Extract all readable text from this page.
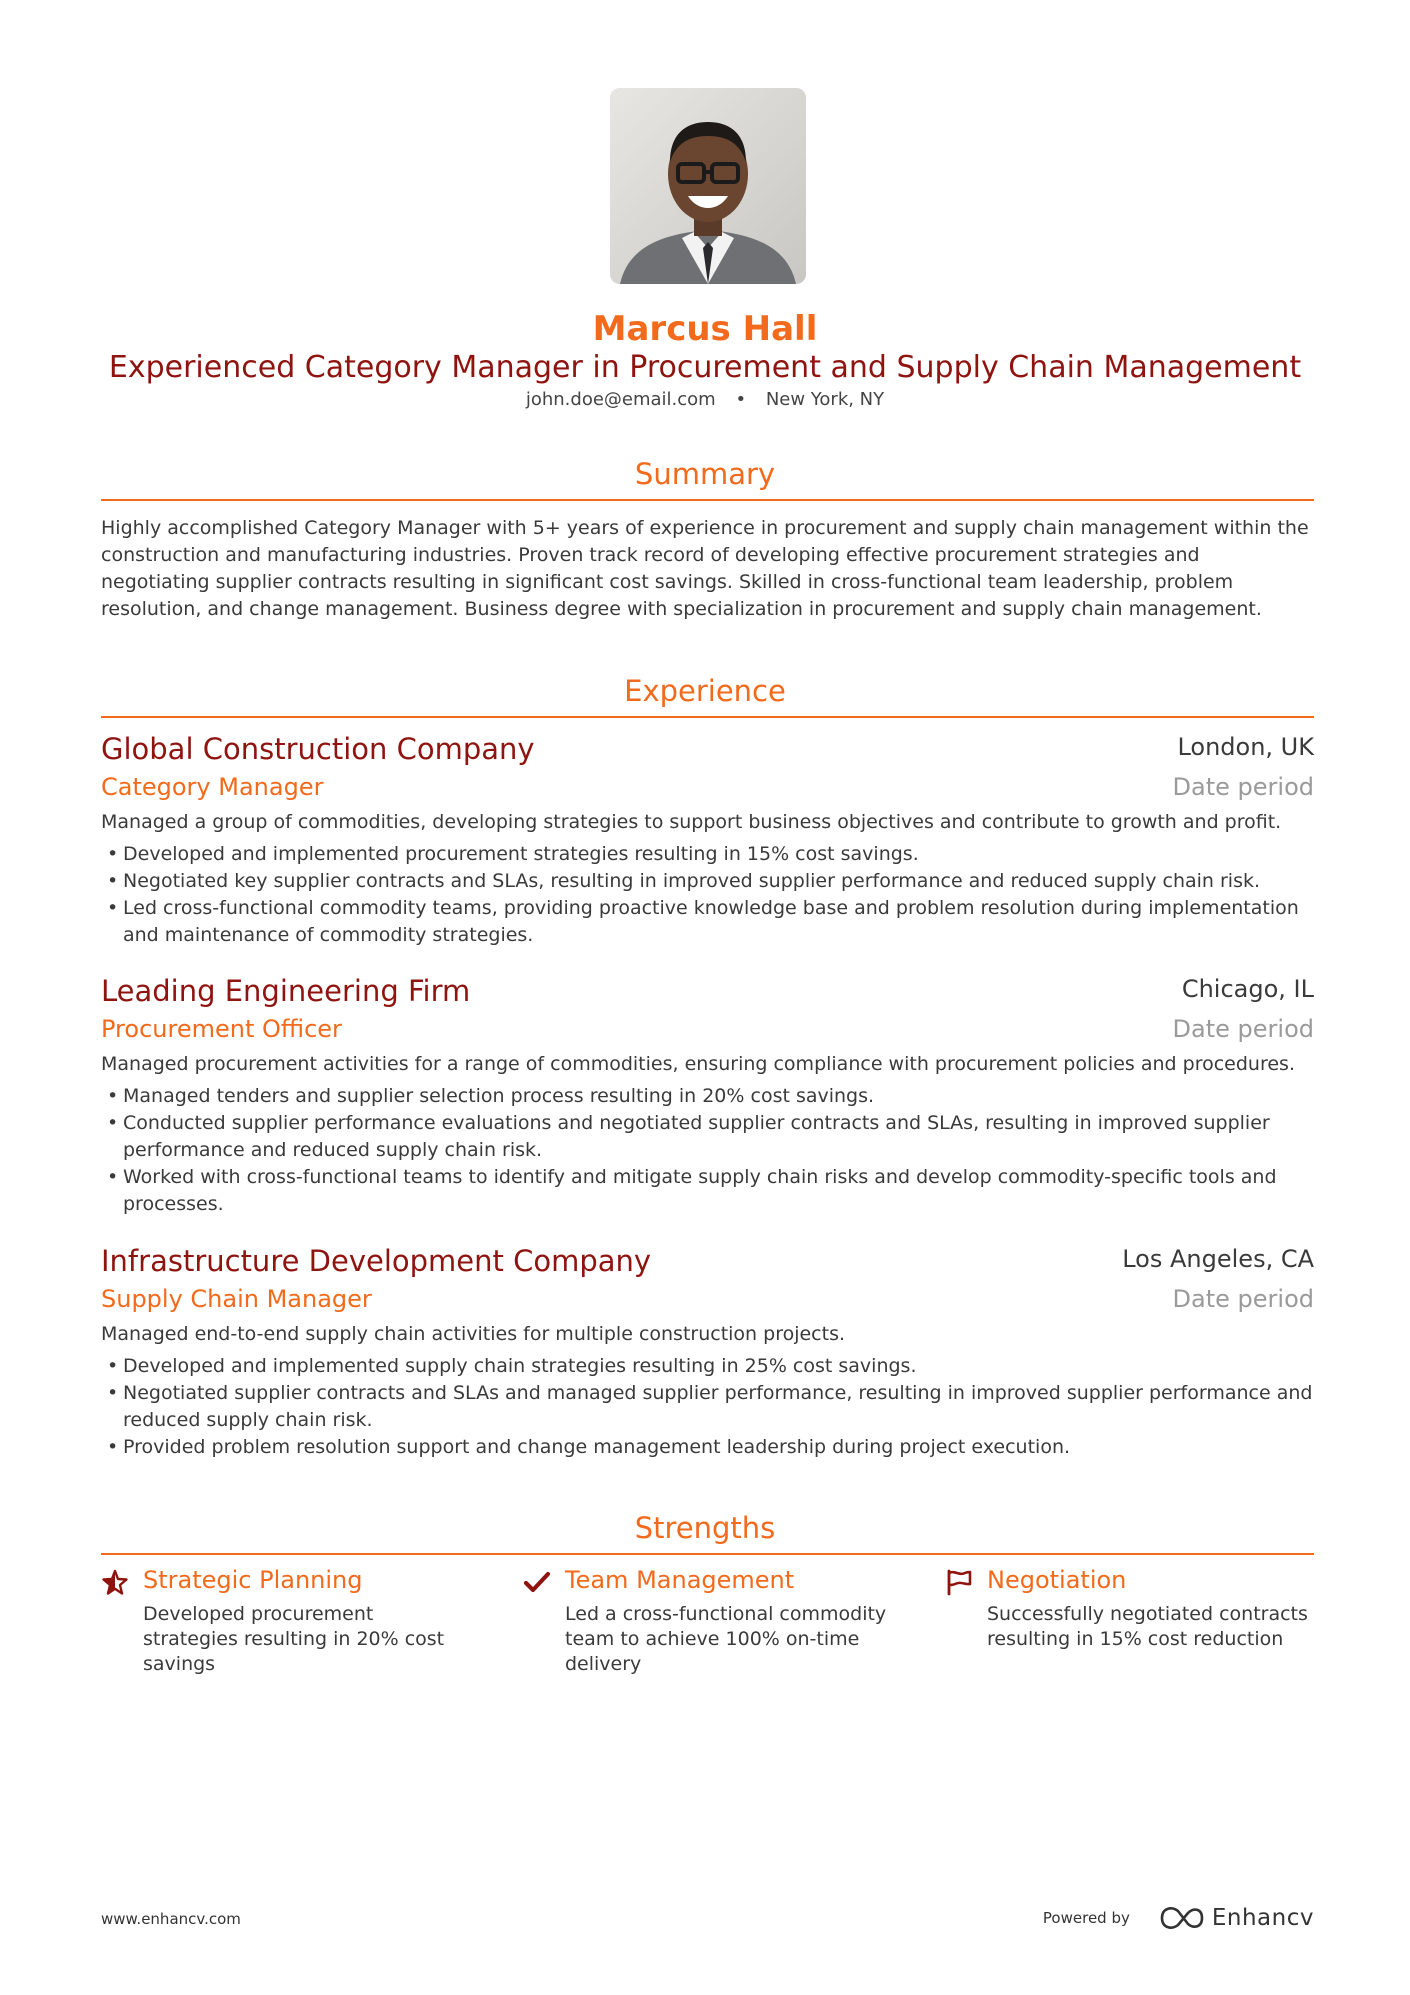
Marcus Hall
Experienced Category Manager in Procurement and Supply Chain Management
john.doe@email.com • New York, NY
Summary
Highly accomplished Category Manager with 5+ years of experience in procurement and supply chain management within the construction and manufacturing industries. Proven track record of developing effective procurement strategies and negotiating supplier contracts resulting in significant cost savings. Skilled in cross-functional team leadership, problem resolution, and change management. Business degree with specialization in procurement and supply chain management.
Experience
Global Construction Company	London, UK
Category Manager	Date period
Managed a group of commodities, developing strategies to support business objectives and contribute to growth and profit.
• Developed and implemented procurement strategies resulting in 15% cost savings.
• Negotiated key supplier contracts and SLAs, resulting in improved supplier performance and reduced supply chain risk.
• Led cross-functional commodity teams, providing proactive knowledge base and problem resolution during implementation and maintenance of commodity strategies.
Leading Engineering Firm	Chicago, IL
Procurement Officer	Date period
Managed procurement activities for a range of commodities, ensuring compliance with procurement policies and procedures.
• Managed tenders and supplier selection process resulting in 20% cost savings.
• Conducted supplier performance evaluations and negotiated supplier contracts and SLAs, resulting in improved supplier performance and reduced supply chain risk.
• Worked with cross-functional teams to identify and mitigate supply chain risks and develop commodity-specific tools and processes.
Infrastructure Development Company	Los Angeles, CA
Supply Chain Manager	Date period
Managed end-to-end supply chain activities for multiple construction projects.
• Developed and implemented supply chain strategies resulting in 25% cost savings.
• Negotiated supplier contracts and SLAs and managed supplier performance, resulting in improved supplier performance and reduced supply chain risk.
• Provided problem resolution support and change management leadership during project execution.
Strengths
Strategic Planning
Developed procurement strategies resulting in 20% cost savings
Team Management
Led a cross-functional commodity team to achieve 100% on-time delivery
Negotiation
Successfully negotiated contracts resulting in 15% cost reduction
www.enhancv.com	Powered by	Enhancv
